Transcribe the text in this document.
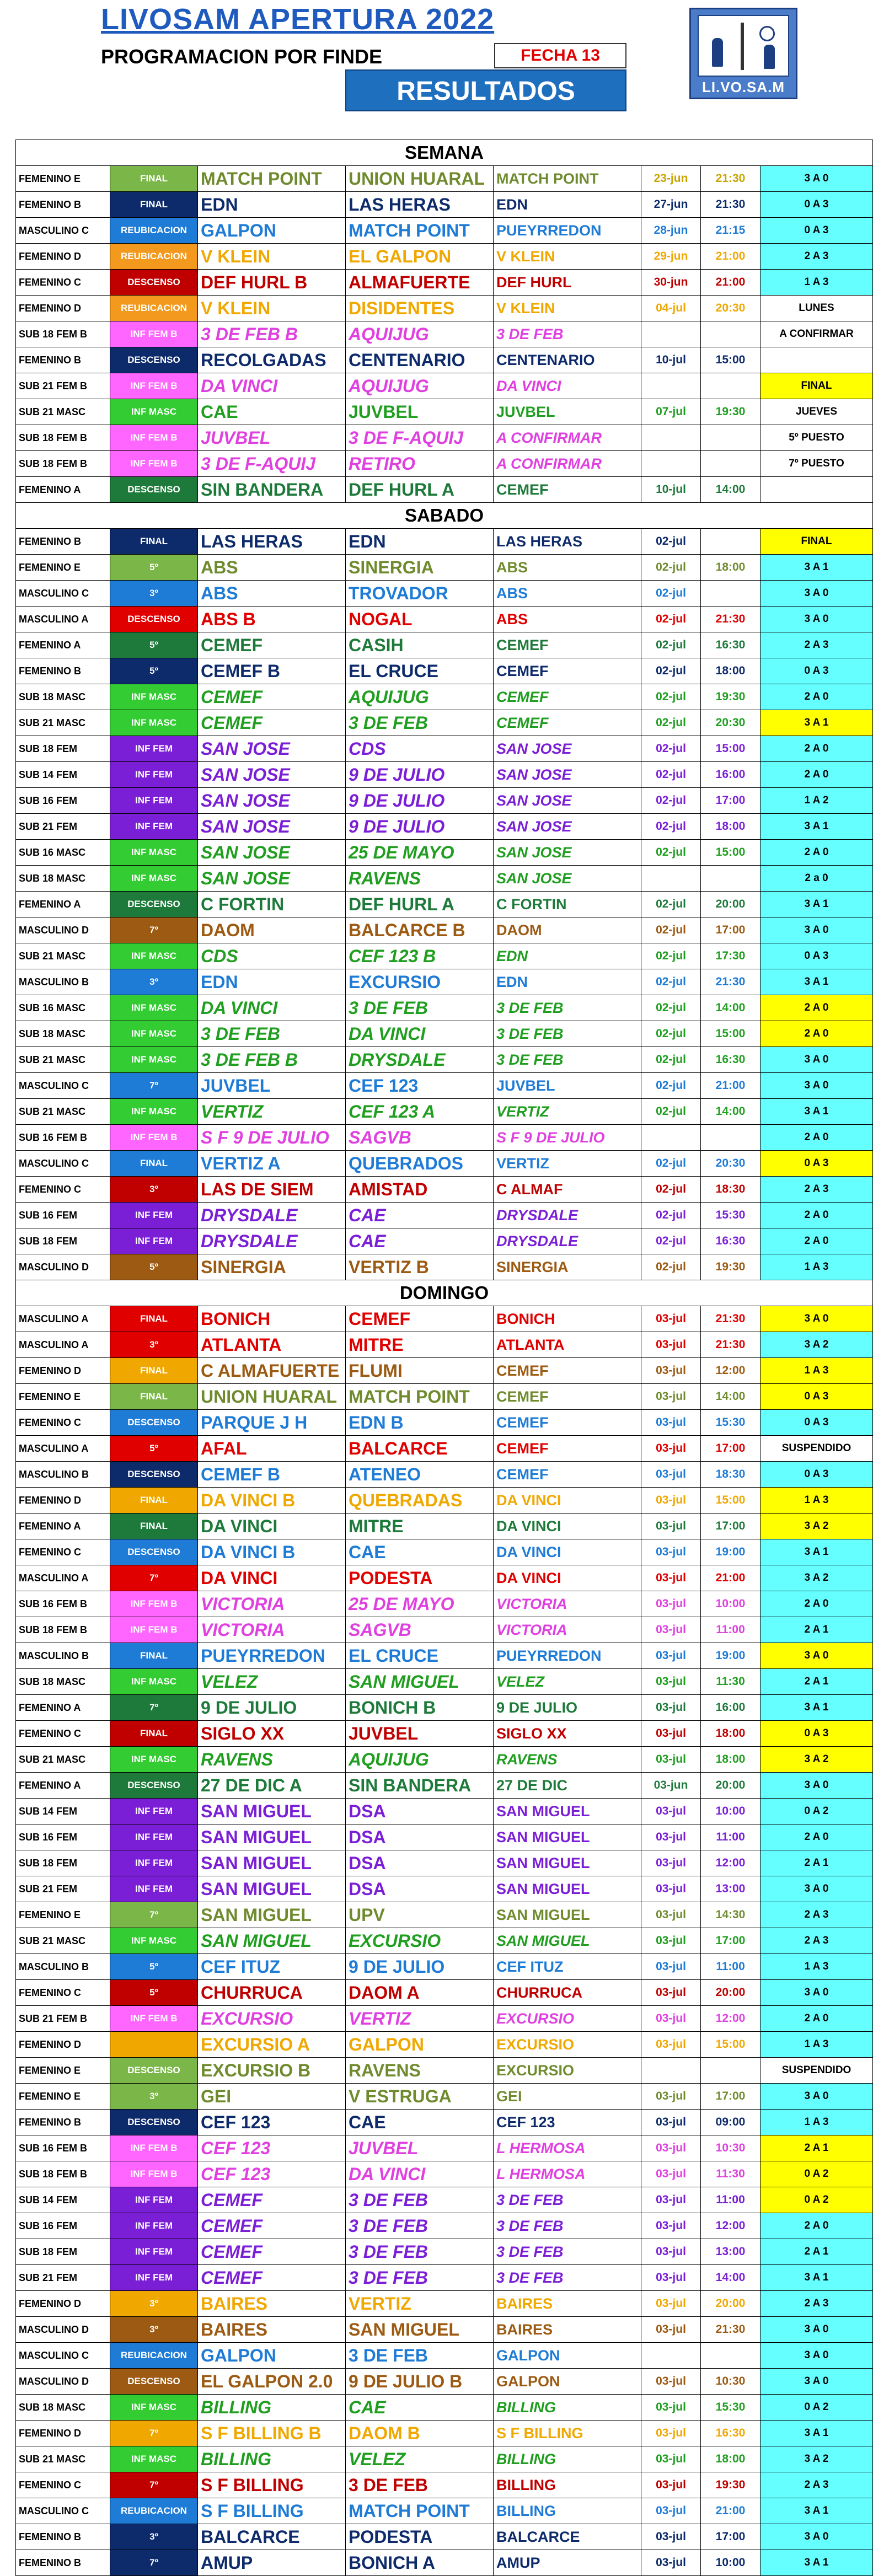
LIVOSAM APERTURA 2022
PROGRAMACION POR FINDE	FECHA 13
RESULTADOS	LI.VO.SA.M
SEMANA							
FEMENINO E	FINAL	MATCH POINT	UNION HUARAL	MATCH POINT	23-jun	21:30	3 A 0
FEMENINO B	FINAL	EDN	LAS HERAS	EDN	27-jun	21:30	0 A 3
MASCULINO C	REUBICACION	GALPON	MATCH POINT	PUEYRREDON	28-jun	21:15	0 A 3
FEMENINO D	REUBICACION	V KLEIN	EL GALPON	V KLEIN	29-jun	21:00	2 A 3
FEMENINO C	DESCENSO	DEF HURL B	ALMAFUERTE	DEF HURL	30-jun	21:00	1 A 3
FEMENINO D	REUBICACION	V KLEIN	DISIDENTES	V KLEIN	04-jul	20:30	LUNES
SUB 18 FEM B	INF FEM B	3 DE FEB B	AQUIJUG	3 DE FEB			A CONFIRMAR
FEMENINO B	DESCENSO	RECOLGADAS	CENTENARIO	CENTENARIO	10-jul	15:00	
SUB 21 FEM B	INF FEM B	DA VINCI	AQUIJUG	DA VINCI			FINAL
SUB 21 MASC	INF MASC	CAE	JUVBEL	JUVBEL	07-jul	19:30	JUEVES
SUB 18 FEM B	INF FEM B	JUVBEL	3 DE F-AQUIJ	A CONFIRMAR			5º PUESTO
SUB 18 FEM B	INF FEM B	3 DE F-AQUIJ	RETIRO	A CONFIRMAR			7º PUESTO
FEMENINO A	DESCENSO	SIN BANDERA	DEF HURL A	CEMEF	10-jul	14:00	
SABADO							
FEMENINO B	FINAL	LAS HERAS	EDN	LAS HERAS	02-jul		FINAL
FEMENINO E	5º	ABS	SINERGIA	ABS	02-jul	18:00	3 A 1
MASCULINO C	3º	ABS	TROVADOR	ABS	02-jul		3 A 0
MASCULINO A	DESCENSO	ABS B	NOGAL	ABS	02-jul	21:30	3 A 0
FEMENINO A	5º	CEMEF	CASIH	CEMEF	02-jul	16:30	2 A 3
FEMENINO B	5º	CEMEF B	EL CRUCE	CEMEF	02-jul	18:00	0 A 3
SUB 18 MASC	INF MASC	CEMEF	AQUIJUG	CEMEF	02-jul	19:30	2 A 0
SUB 21 MASC	INF MASC	CEMEF	3 DE FEB	CEMEF	02-jul	20:30	3 A 1
SUB 18 FEM	INF FEM	SAN JOSE	CDS	SAN JOSE	02-jul	15:00	2 A 0
SUB 14 FEM	INF FEM	SAN JOSE	9 DE JULIO	SAN JOSE	02-jul	16:00	2 A 0
SUB 16 FEM	INF FEM	SAN JOSE	9 DE JULIO	SAN JOSE	02-jul	17:00	1 A 2
SUB 21 FEM	INF FEM	SAN JOSE	9 DE JULIO	SAN JOSE	02-jul	18:00	3 A 1
SUB 16 MASC	INF MASC	SAN JOSE	25 DE MAYO	SAN JOSE	02-jul	15:00	2 A 0
SUB 18 MASC	INF MASC	SAN JOSE	RAVENS	SAN JOSE			2 a 0
FEMENINO A	DESCENSO	C FORTIN	DEF HURL A	C FORTIN	02-jul	20:00	3 A 1
MASCULINO D	7º	DAOM	BALCARCE B	DAOM	02-jul	17:00	3 A 0
SUB 21 MASC	INF MASC	CDS	CEF 123 B	EDN	02-jul	17:30	0 A 3
MASCULINO B	3º	EDN	EXCURSIO	EDN	02-jul	21:30	3 A 1
SUB 16 MASC	INF MASC	DA VINCI	3 DE FEB	3 DE FEB	02-jul	14:00	2 A 0
SUB 18 MASC	INF MASC	3 DE FEB	DA VINCI	3 DE FEB	02-jul	15:00	2 A 0
SUB 21 MASC	INF MASC	3 DE FEB B	DRYSDALE	3 DE FEB	02-jul	16:30	3 A 0
MASCULINO C	7º	JUVBEL	CEF 123	JUVBEL	02-jul	21:00	3 A 0
SUB 21 MASC	INF MASC	VERTIZ	CEF 123 A	VERTIZ	02-jul	14:00	3 A 1
SUB 16 FEM B	INF FEM B	S F 9 DE JULIO	SAGVB	S F 9 DE JULIO			2 A 0
MASCULINO C	FINAL	VERTIZ A	QUEBRADOS	VERTIZ	02-jul	20:30	0 A 3
FEMENINO C	3º	LAS DE SIEM	AMISTAD	C ALMAF	02-jul	18:30	2 A 3
SUB 16 FEM	INF FEM	DRYSDALE	CAE	DRYSDALE	02-jul	15:30	2 A 0
SUB 18 FEM	INF FEM	DRYSDALE	CAE	DRYSDALE	02-jul	16:30	2 A 0
MASCULINO D	5º	SINERGIA	VERTIZ B	SINERGIA	02-jul	19:30	1 A 3
DOMINGO							
MASCULINO A	FINAL	BONICH	CEMEF	BONICH	03-jul	21:30	3 A 0
MASCULINO A	3º	ATLANTA	MITRE	ATLANTA	03-jul	21:30	3 A 2
FEMENINO D	FINAL	C ALMAFUERTE	FLUMI	CEMEF	03-jul	12:00	1 A 3
FEMENINO E	FINAL	UNION HUARAL	MATCH POINT	CEMEF	03-jul	14:00	0 A 3
FEMENINO C	DESCENSO	PARQUE J H	EDN B	CEMEF	03-jul	15:30	0 A 3
MASCULINO A	5º	AFAL	BALCARCE	CEMEF	03-jul	17:00	SUSPENDIDO
MASCULINO B	DESCENSO	CEMEF B	ATENEO	CEMEF	03-jul	18:30	0 A 3
FEMENINO D	FINAL	DA VINCI B	QUEBRADAS	DA VINCI	03-jul	15:00	1 A 3
FEMENINO A	FINAL	DA VINCI	MITRE	DA VINCI	03-jul	17:00	3 A 2
FEMENINO C	DESCENSO	DA VINCI B	CAE	DA VINCI	03-jul	19:00	3 A 1
MASCULINO A	7º	DA VINCI	PODESTA	DA VINCI	03-jul	21:00	3 A 2
SUB 16 FEM B	INF FEM B	VICTORIA	25 DE MAYO	VICTORIA	03-jul	10:00	2 A 0
SUB 18 FEM B	INF FEM B	VICTORIA	SAGVB	VICTORIA	03-jul	11:00	2 A 1
MASCULINO B	FINAL	PUEYRREDON	EL CRUCE	PUEYRREDON	03-jul	19:00	3 A 0
SUB 18 MASC	INF MASC	VELEZ	SAN MIGUEL	VELEZ	03-jul	11:30	2 A 1
FEMENINO A	7º	9 DE JULIO	BONICH B	9 DE JULIO	03-jul	16:00	3 A 1
FEMENINO C	FINAL	SIGLO XX	JUVBEL	SIGLO XX	03-jul	18:00	0 A 3
SUB 21 MASC	INF MASC	RAVENS	AQUIJUG	RAVENS	03-jul	18:00	3 A 2
FEMENINO A	DESCENSO	27 DE DIC A	SIN BANDERA	27 DE DIC	03-jun	20:00	3 A 0
SUB 14 FEM	INF FEM	SAN MIGUEL	DSA	SAN MIGUEL	03-jul	10:00	0 A 2
SUB 16 FEM	INF FEM	SAN MIGUEL	DSA	SAN MIGUEL	03-jul	11:00	2 A 0
SUB 18 FEM	INF FEM	SAN MIGUEL	DSA	SAN MIGUEL	03-jul	12:00	2 A 1
SUB 21 FEM	INF FEM	SAN MIGUEL	DSA	SAN MIGUEL	03-jul	13:00	3 A 0
FEMENINO E	7º	SAN MIGUEL	UPV	SAN MIGUEL	03-jul	14:30	2 A 3
SUB 21 MASC	INF MASC	SAN MIGUEL	EXCURSIO	SAN MIGUEL	03-jul	17:00	2 A 3
MASCULINO B	5º	CEF ITUZ	9 DE JULIO	CEF ITUZ	03-jul	11:00	1 A 3
FEMENINO C	5º	CHURRUCA	DAOM A	CHURRUCA	03-jul	20:00	3 A 0
SUB 21 FEM B	INF FEM B	EXCURSIO	VERTIZ	EXCURSIO	03-jul	12:00	2 A 0
FEMENINO D		EXCURSIO A	GALPON	EXCURSIO	03-jul	15:00	1 A 3
FEMENINO E	DESCENSO	EXCURSIO B	RAVENS	EXCURSIO			SUSPENDIDO
FEMENINO E	3º	GEI	V ESTRUGA	GEI	03-jul	17:00	3 A 0
FEMENINO B	DESCENSO	CEF 123	CAE	CEF 123	03-jul	09:00	1 A 3
SUB 16 FEM B	INF FEM B	CEF 123	JUVBEL	L HERMOSA	03-jul	10:30	2 A 1
SUB 18 FEM B	INF FEM B	CEF 123	DA VINCI	L HERMOSA	03-jul	11:30	0 A 2
SUB 14 FEM	INF FEM	CEMEF	3 DE FEB	3 DE FEB	03-jul	11:00	0 A 2
SUB 16 FEM	INF FEM	CEMEF	3 DE FEB	3 DE FEB	03-jul	12:00	2 A 0
SUB 18 FEM	INF FEM	CEMEF	3 DE FEB	3 DE FEB	03-jul	13:00	2 A 1
SUB 21 FEM	INF FEM	CEMEF	3 DE FEB	3 DE FEB	03-jul	14:00	3 A 1
FEMENINO D	3º	BAIRES	VERTIZ	BAIRES	03-jul	20:00	2 A 3
MASCULINO D	3º	BAIRES	SAN MIGUEL	BAIRES	03-jul	21:30	3 A 0
MASCULINO C	REUBICACION	GALPON	3 DE FEB	GALPON			3 A 0
MASCULINO D	DESCENSO	EL GALPON 2.0	9 DE JULIO B	GALPON	03-jul	10:30	3 A 0
SUB 18 MASC	INF MASC	BILLING	CAE	BILLING	03-jul	15:30	0 A 2
FEMENINO D	7º	S F BILLING B	DAOM B	S F BILLING	03-jul	16:30	3 A 1
SUB 21 MASC	INF MASC	BILLING	VELEZ	BILLING	03-jul	18:00	3 A 2
FEMENINO C	7º	S F BILLING	3 DE FEB	BILLING	03-jul	19:30	2 A 3
MASCULINO C	REUBICACION	S F BILLING	MATCH POINT	BILLING	03-jul	21:00	3 A 1
FEMENINO B	3º	BALCARCE	PODESTA	BALCARCE	03-jul	17:00	3 A 0
FEMENINO B	7º	AMUP	BONICH A	AMUP	03-jul	10:00	3 A 1
